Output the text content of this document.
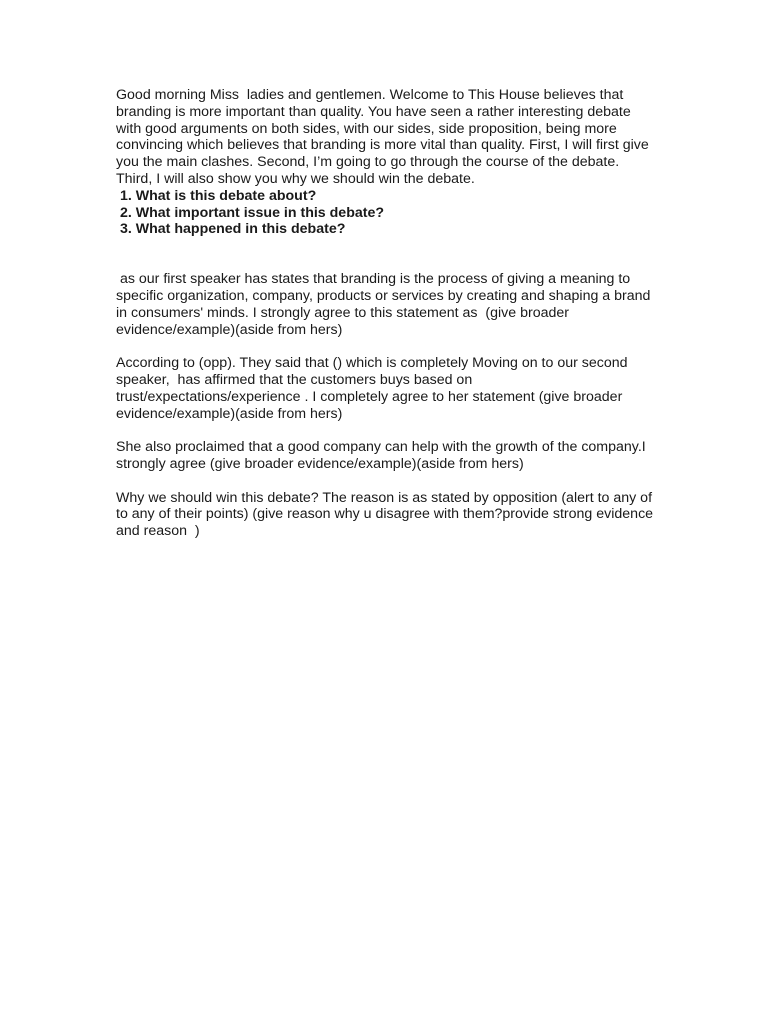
Good morning Miss  ladies and gentlemen. Welcome to This House believes that branding is more important than quality. You have seen a rather interesting debate with good arguments on both sides, with our sides, side proposition, being more convincing which believes that branding is more vital than quality. First, I will first give you the main clashes. Second, I’m going to go through the course of the debate. Third, I will also show you why we should win the debate.

1. What is this debate about?
2. What important issue in this debate?
3. What happened in this debate?

as our first speaker has states that branding is the process of giving a meaning to specific organization, company, products or services by creating and shaping a brand in consumers' minds. I strongly agree to this statement as  (give broader evidence/example)(aside from hers)

According to (opp). They said that () which is completely Moving on to our second speaker,  has affirmed that the customers buys based on trust/expectations/experience . I completely agree to her statement (give broader evidence/example)(aside from hers)

She also proclaimed that a good company can help with the growth of the company.I strongly agree (give broader evidence/example)(aside from hers)

Why we should win this debate? The reason is as stated by opposition (alert to any of to any of their points) (give reason why u disagree with them?provide strong evidence and reason  )
